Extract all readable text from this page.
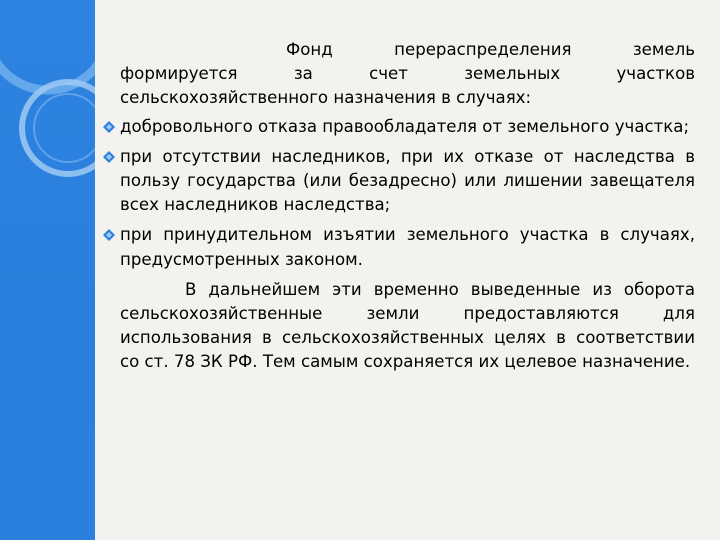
Фонд перераспределения земель формируется за счет земельных участков сельскохозяйственного назначения в случаях:

добровольного отказа правообладателя от земельного участка;
при отсутствии наследников, при их отказе от наследства в пользу государства (или безадресно) или лишении завещателя всех наследников наследства;
при принудительном изъятии земельного участка в случаях, предусмотренных законом.

В дальнейшем эти временно выведенные из оборота сельскохозяйственные земли предоставляются для использования в сельскохозяйственных целях в соответствии со ст. 78 ЗК РФ. Тем самым сохраняется их целевое назначение.
